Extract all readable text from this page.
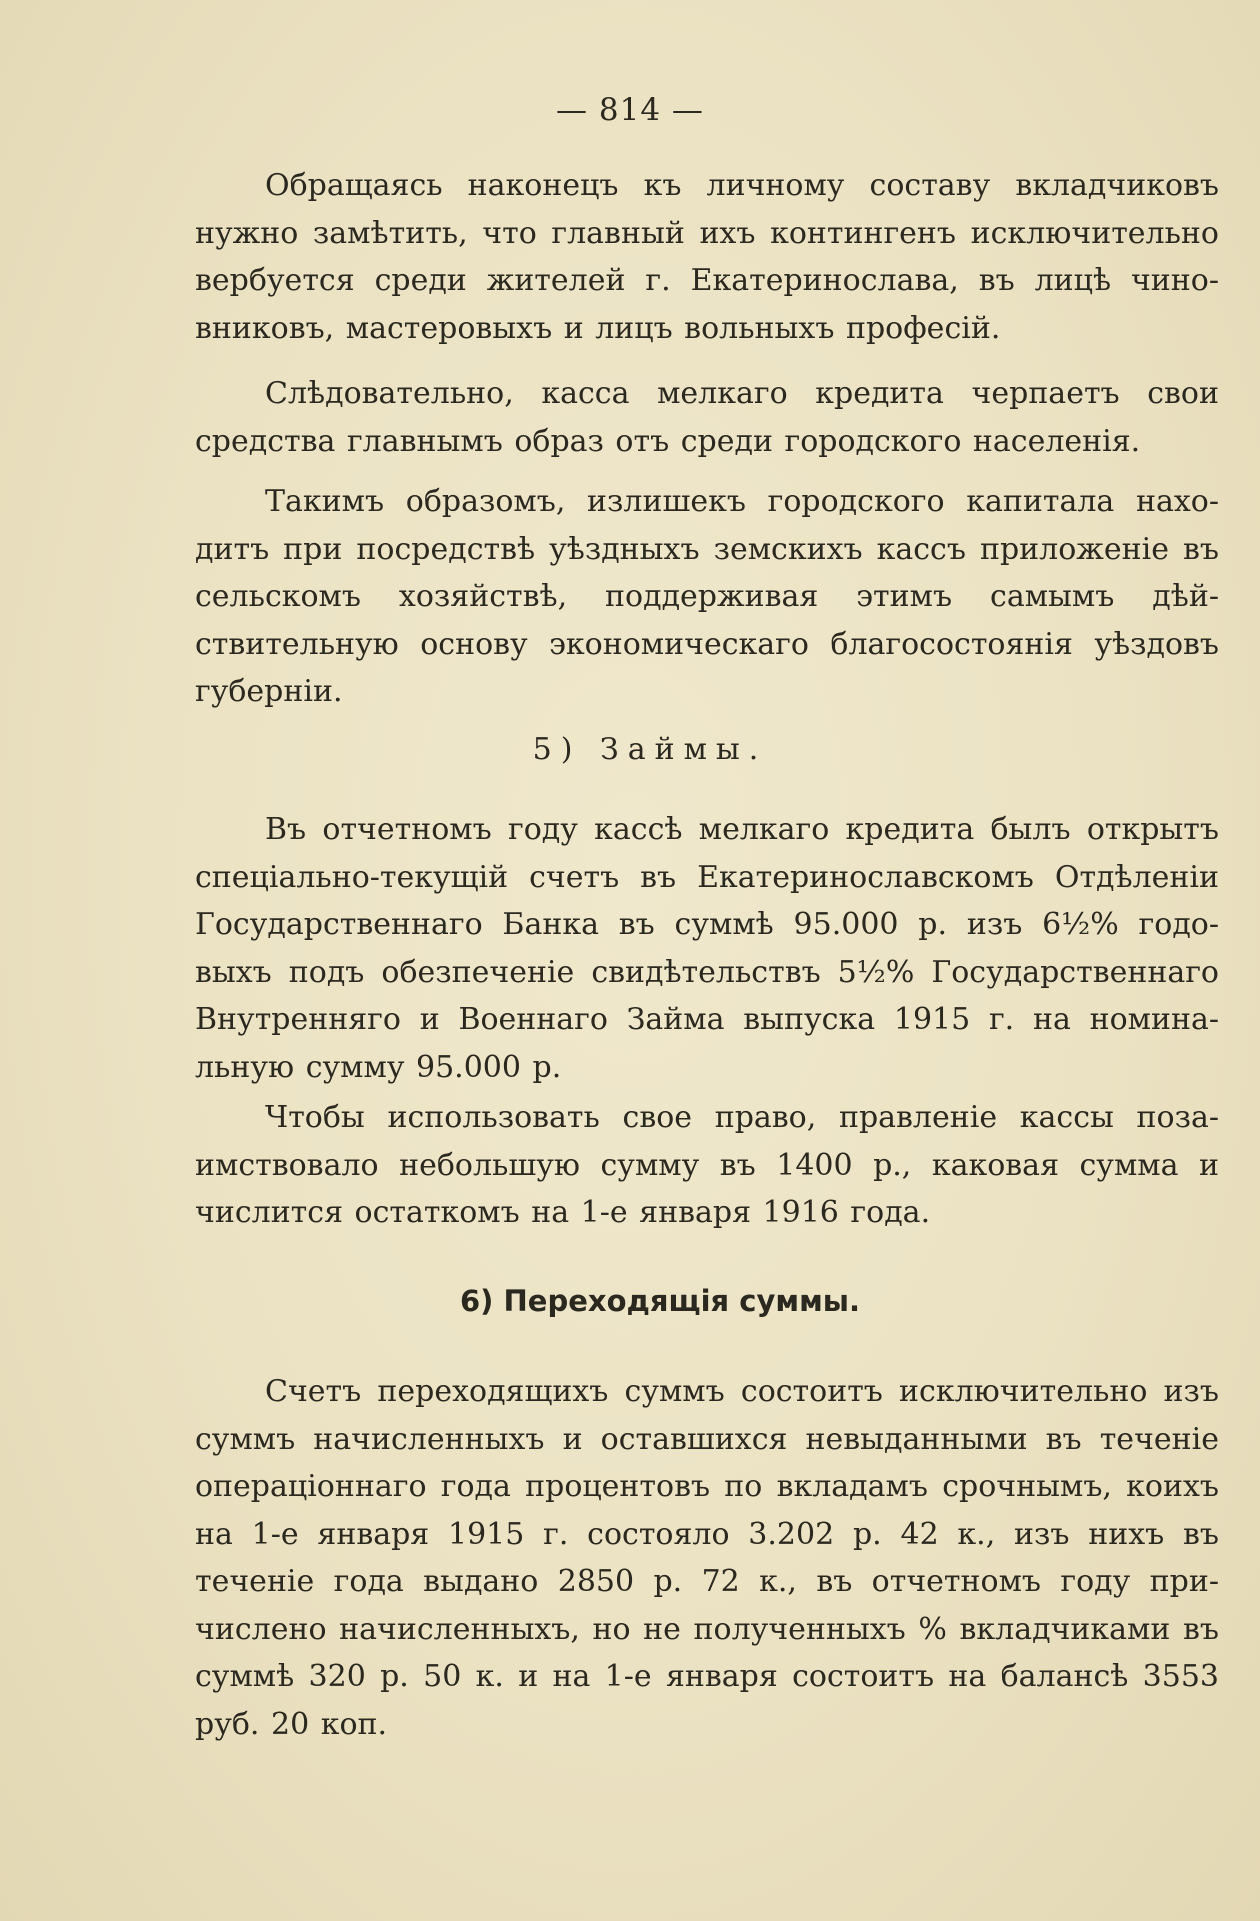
— 814 —

Обращаясь наконецъ къ личному составу вкладчиковъ нужно замѣтить, что главный ихъ контингенъ исключительно вербуется среди жителей г. Екатеринослава, въ лицѣ чиновниковъ, мастеровыхъ и лицъ вольныхъ професій.

Слѣдовательно, касса мелкаго кредита черпаетъ свои средства главнымъ образ отъ среди городского населенія.

Такимъ образомъ, излишекъ городского капитала находитъ при посредствѣ уѣздныхъ земскихъ кассъ приложеніе въ сельскомъ хозяйствѣ, поддерживая этимъ самымъ дѣйствительную основу экономическаго благосостоянія уѣздовъ губерніи.

5) Займы.

Въ отчетномъ году кассѣ мелкаго кредита былъ открытъ спеціально-текущій счетъ въ Екатеринославскомъ Отдѣленіи Государственнаго Банка въ суммѣ 95.000 р. изъ 6½% годовыхъ подъ обезпеченіе свидѣтельствъ 5½% Государственнаго Внутренняго и Военнаго Займа выпуска 1915 г. на номинальную сумму 95.000 р.

Чтобы использовать свое право, правленіе кассы позаимствовало небольшую сумму въ 1400 р., каковая сумма и числится остаткомъ на 1-е января 1916 года.

6) Переходящія суммы.

Счетъ переходящихъ суммъ состоитъ исключительно изъ суммъ начисленныхъ и оставшихся невыданными въ теченіе операціоннаго года процентовъ по вкладамъ срочнымъ, коихъ на 1-е января 1915 г. состояло 3.202 р. 42 к., изъ нихъ въ теченіе года выдано 2850 р. 72 к., въ отчетномъ году причислено начисленныхъ, но не полученныхъ % вкладчиками въ суммѣ 320 р. 50 к. и на 1-е января состоитъ на балансѣ 3553 руб. 20 коп.
